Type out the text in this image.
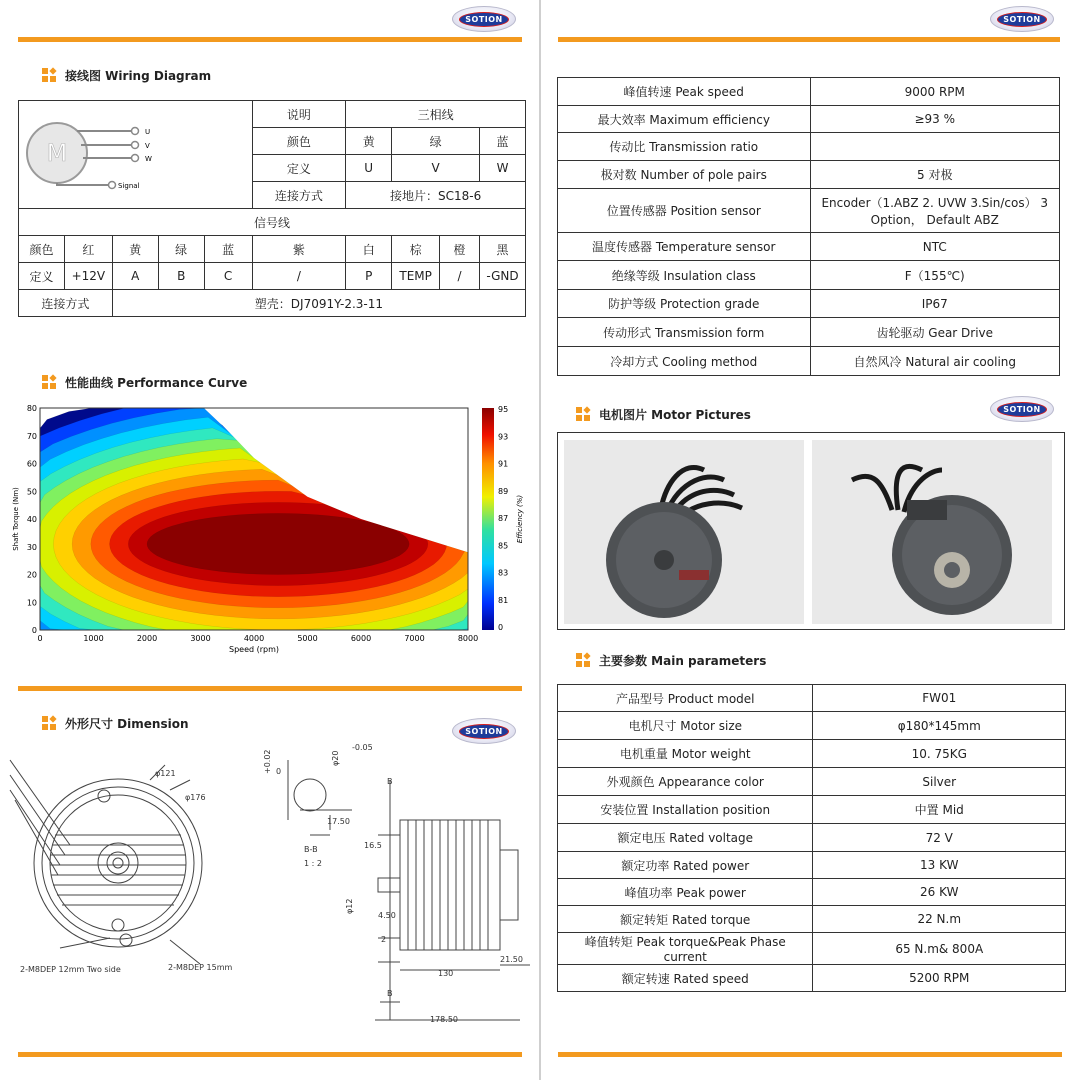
SOTION
接线图 Wiring Diagram
M
U
V
W
Signal					说明	三相线			
					颜色	黄	绿		蓝
					定义	U	V		W
					连接方式	接地片：SC18-6			
信号线									
颜色	红	黄	绿	蓝	紫	白	棕	橙	黑
定义	+12V	A	B	C	/	P	TEMP	/	-GND
连接方式		塑壳：DJ7091Y-2.3-11							
性能曲线 Performance Curve
0	1000	2000	3000	4000	5000	6000	7000	8000
0
10
20
30
40
50
60
70
80	95
93
91
89
87
85
83
81
0
Speed (rpm)
Shaft Torque (Nm)	Efficiency (%)
外形尺寸 Dimension
SOTION
φ121
φ176
2-M8DEP 12mm Two side	2-M8DEP 15mm
+0.02 0
φ20
-0.05
17.50
B-B
1 : 2
B
B
16.5
φ12
4.50
2
130
21.50
178.50
SOTION
峰值转速 Peak speed	9000 RPM
最大效率 Maximum efficiency	≥93 %
传动比 Transmission ratio	
极对数 Number of pole pairs	5 对极
位置传感器 Position sensor	Encoder（1.ABZ 2. UVW 3.Sin/cos） 3 Option， Default ABZ
温度传感器 Temperature sensor	NTC
绝缘等级 Insulation class	F（155℃)
防护等级 Protection grade	IP67
传动形式 Transmission form	齿轮驱动 Gear Drive
冷却方式 Cooling method	自然风冷 Natural air cooling
电机图片 Motor Pictures	SOTION
主要参数 Main parameters
产品型号 Product model	FW01
电机尺寸 Motor size	φ180*145mm
电机重量 Motor weight	10. 75KG
外观颜色 Appearance color	Silver
安装位置 Installation position	中置 Mid
额定电压 Rated voltage	72 V
额定功率 Rated power	13 KW
峰值功率 Peak power	26 KW
额定转矩 Rated torque	22 N.m
峰值转矩 Peak torque&Peak Phase current	65 N.m& 800A
额定转速 Rated speed	5200 RPM
